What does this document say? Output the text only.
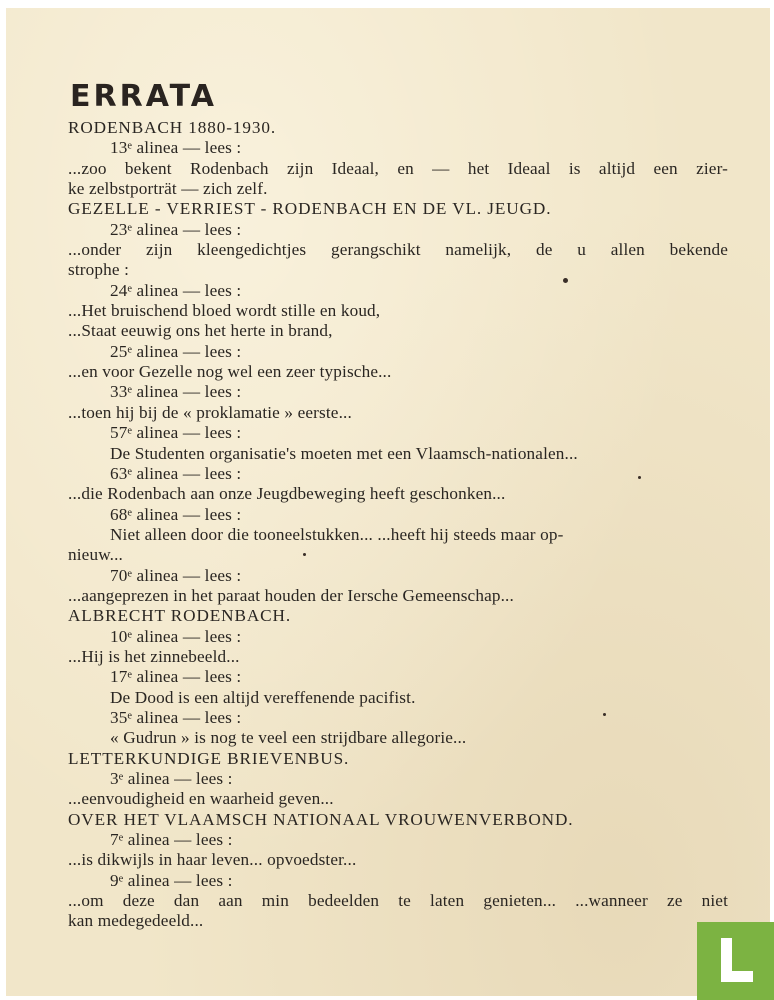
ERRATA
RODENBACH 1880-1930.
13ᵉ alinea — lees :
...zoo bekent Rodenbach zijn Ideaal, en — het Ideaal is altijd een zier-
ke zelbstporträt — zich zelf.
GEZELLE - VERRIEST - RODENBACH EN DE VL. JEUGD.
23ᵉ alinea — lees :
...onder zijn kleengedichtjes gerangschikt namelijk, de u allen bekende
strophe :
24ᵉ alinea — lees :
...Het bruischend bloed wordt stille en koud,
...Staat eeuwig ons het herte in brand,
25ᵉ alinea — lees :
...en voor Gezelle nog wel een zeer typische...
33ᵉ alinea — lees :
...toen hij bij de « proklamatie » eerste...
57ᵉ alinea — lees :
De Studenten organisatie's moeten met een Vlaamsch-nationalen...
63ᵉ alinea — lees :
...die Rodenbach aan onze Jeugdbeweging heeft geschonken...
68ᵉ alinea — lees :
Niet alleen door die tooneelstukken... ...heeft hij steeds maar op-
nieuw...
70ᵉ alinea — lees :
...aangeprezen in het paraat houden der Iersche Gemeenschap...
ALBRECHT RODENBACH.
10ᵉ alinea — lees :
...Hij is het zinnebeeld...
17ᵉ alinea — lees :
De Dood is een altijd vereffenende pacifist.
35ᵉ alinea — lees :
« Gudrun » is nog te veel een strijdbare allegorie...
LETTERKUNDIGE BRIEVENBUS.
3ᵉ alinea — lees :
...eenvoudigheid en waarheid geven...
OVER HET VLAAMSCH NATIONAAL VROUWENVERBOND.
7ᵉ alinea — lees :
...is dikwijls in haar leven... opvoedster...
9ᵉ alinea — lees :
...om deze dan aan min bedeelden te laten genieten... ...wanneer ze niet
kan medegedeeld...
